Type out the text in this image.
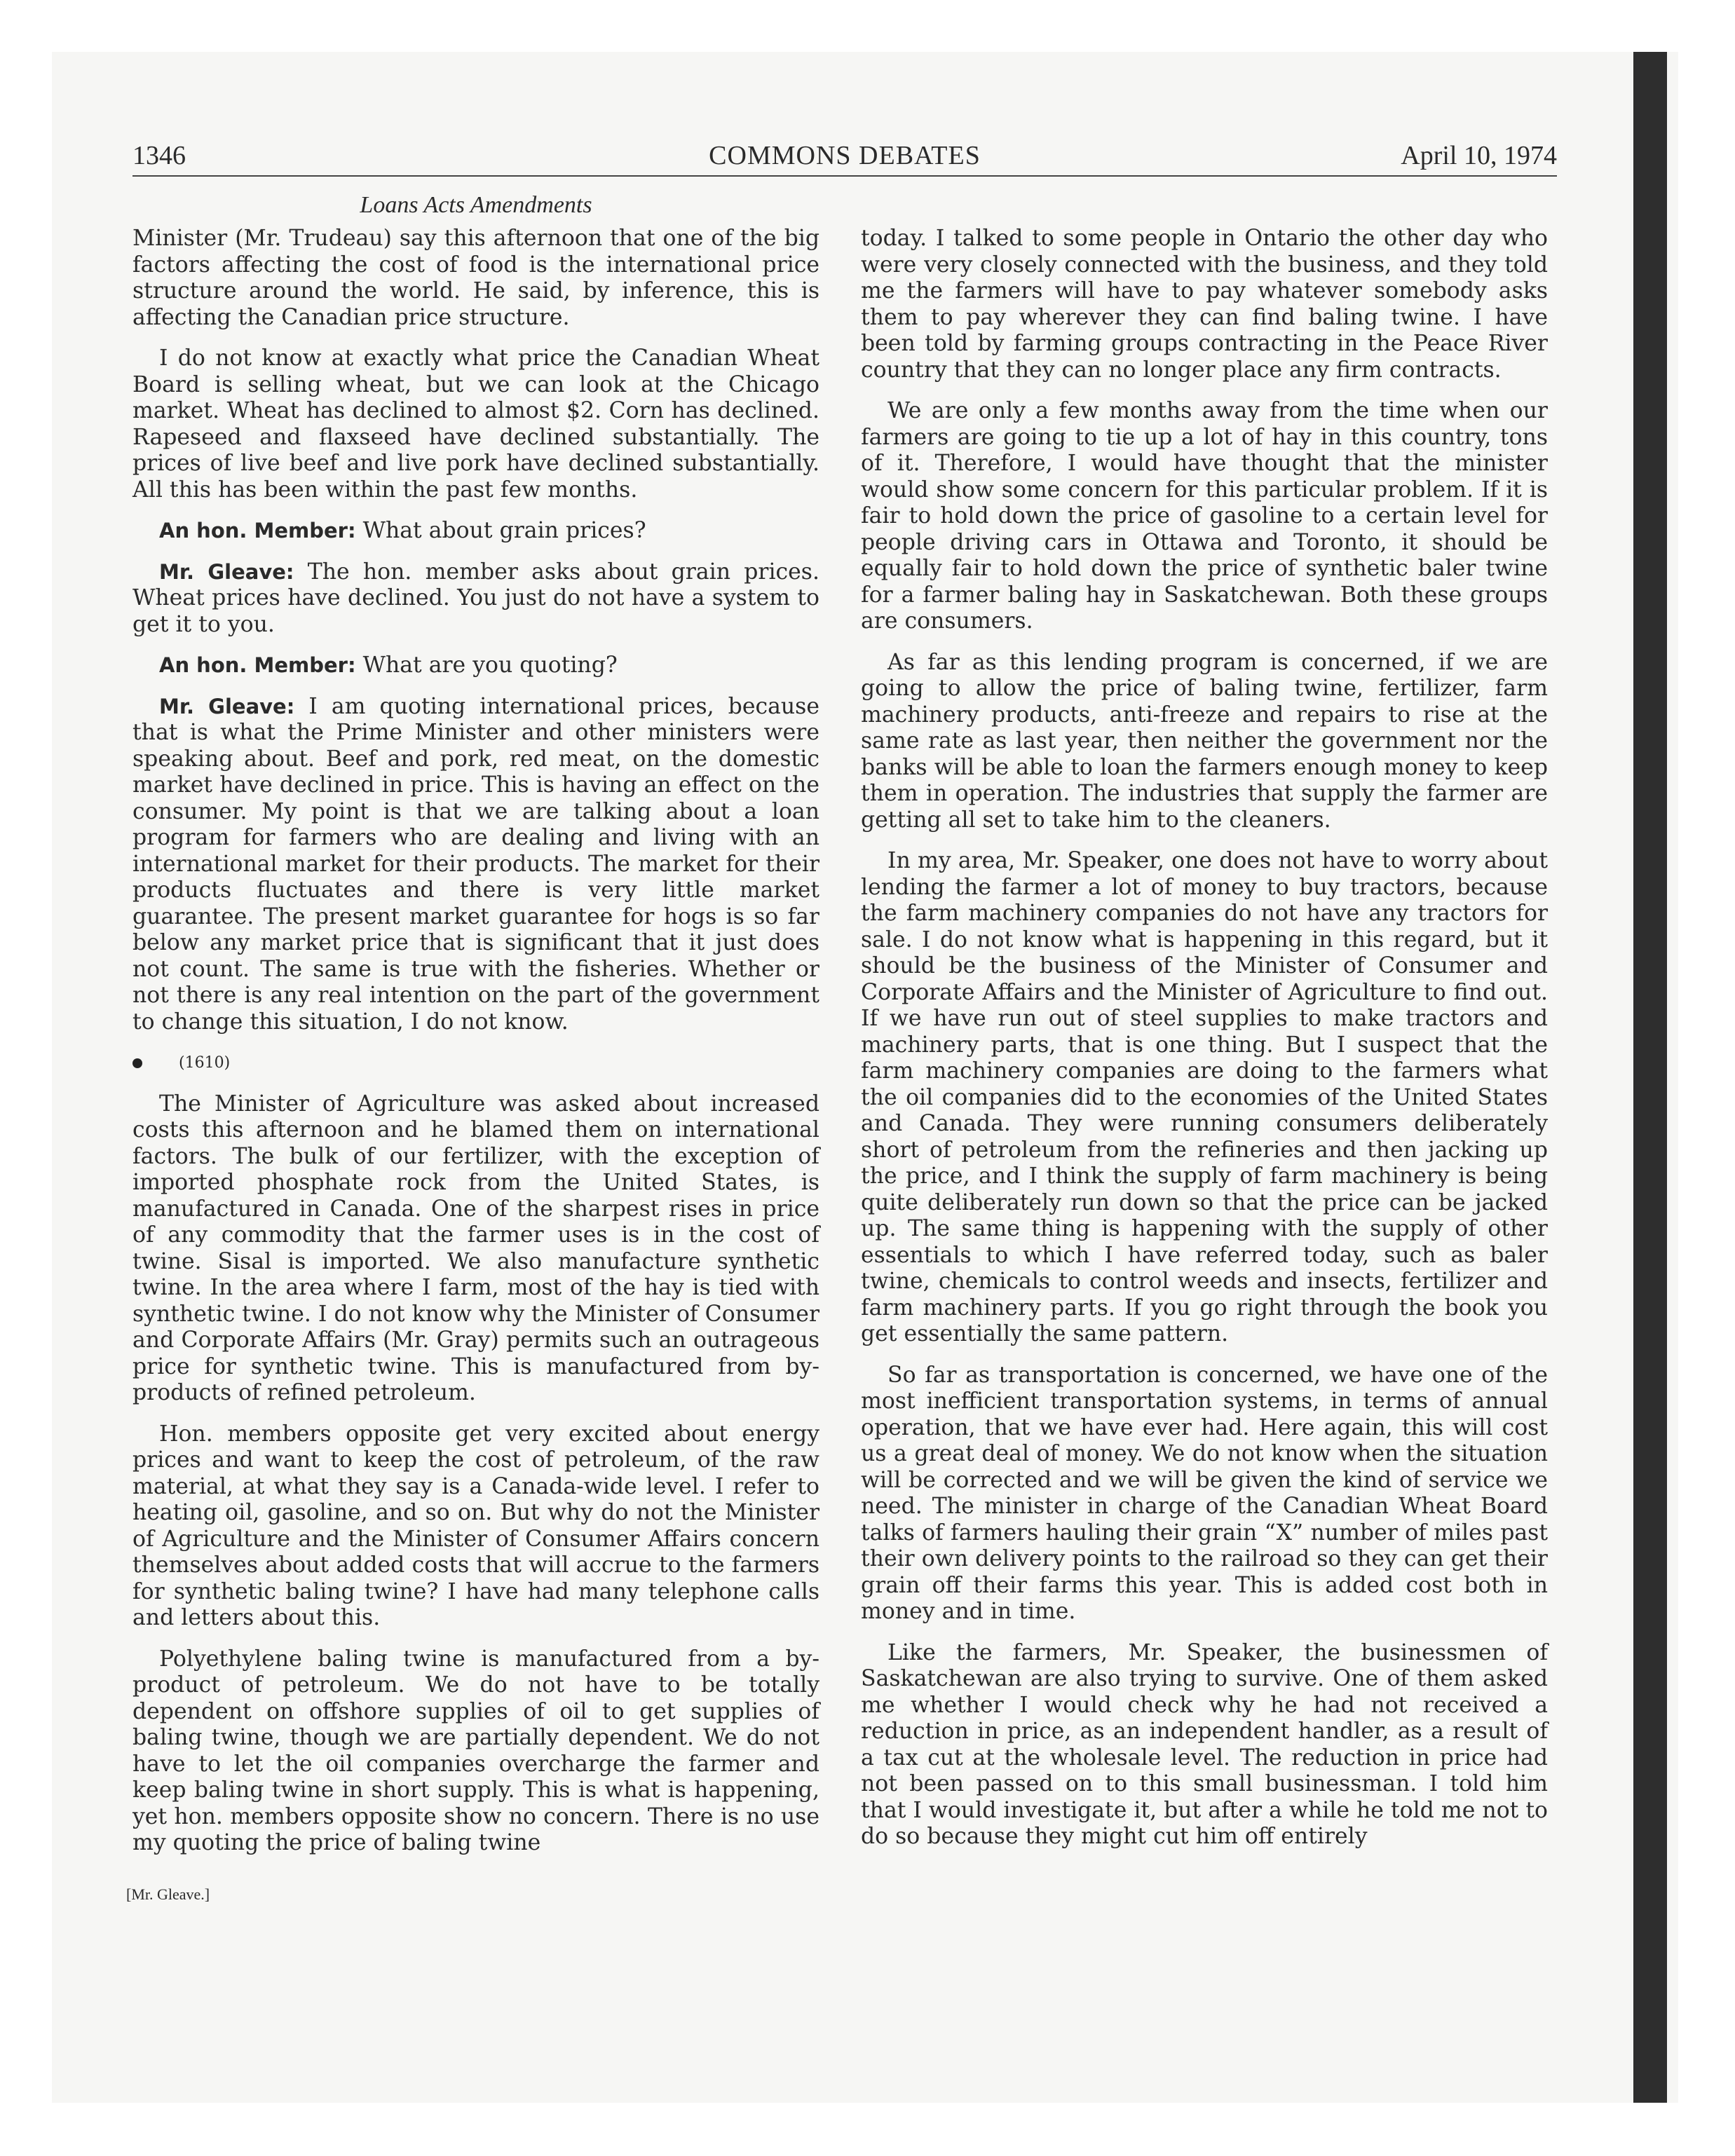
1346	COMMONS DEBATES	April 10, 1974
Loans Acts Amendments

Minister (Mr. Trudeau) say this afternoon that one of the big factors affecting the cost of food is the international price structure around the world. He said, by inference, this is affecting the Canadian price structure.

I do not know at exactly what price the Canadian Wheat Board is selling wheat, but we can look at the Chicago market. Wheat has declined to almost $2. Corn has declined. Rapeseed and flaxseed have declined substantially. The prices of live beef and live pork have declined substantially. All this has been within the past few months.

An hon. Member: What about grain prices?

Mr. Gleave: The hon. member asks about grain prices. Wheat prices have declined. You just do not have a system to get it to you.

An hon. Member: What are you quoting?

Mr. Gleave: I am quoting international prices, because that is what the Prime Minister and other ministers were speaking about. Beef and pork, red meat, on the domestic market have declined in price. This is having an effect on the consumer. My point is that we are talking about a loan program for farmers who are dealing and living with an international market for their products. The market for their products fluctuates and there is very little market guarantee. The present market guarantee for hogs is so far below any market price that is significant that it just does not count. The same is true with the fisheries. Whether or not there is any real intention on the part of the government to change this situation, I do not know.

(1610)

The Minister of Agriculture was asked about increased costs this afternoon and he blamed them on international factors. The bulk of our fertilizer, with the exception of imported phosphate rock from the United States, is manufactured in Canada. One of the sharpest rises in price of any commodity that the farmer uses is in the cost of twine. Sisal is imported. We also manufacture synthetic twine. In the area where I farm, most of the hay is tied with synthetic twine. I do not know why the Minister of Consumer and Corporate Affairs (Mr. Gray) permits such an outrageous price for synthetic twine. This is manufactured from by-products of refined petroleum.

Hon. members opposite get very excited about energy prices and want to keep the cost of petroleum, of the raw material, at what they say is a Canada-wide level. I refer to heating oil, gasoline, and so on. But why do not the Minister of Agriculture and the Minister of Consumer Affairs concern themselves about added costs that will accrue to the farmers for synthetic baling twine? I have had many telephone calls and letters about this.

Polyethylene baling twine is manufactured from a by-product of petroleum. We do not have to be totally dependent on offshore supplies of oil to get supplies of baling twine, though we are partially dependent. We do not have to let the oil companies overcharge the farmer and keep baling twine in short supply. This is what is happening, yet hon. members opposite show no concern. There is no use my quoting the price of baling twine

today. I talked to some people in Ontario the other day who were very closely connected with the business, and they told me the farmers will have to pay whatever somebody asks them to pay wherever they can find baling twine. I have been told by farming groups contracting in the Peace River country that they can no longer place any firm contracts.

We are only a few months away from the time when our farmers are going to tie up a lot of hay in this country, tons of it. Therefore, I would have thought that the minister would show some concern for this particular problem. If it is fair to hold down the price of gasoline to a certain level for people driving cars in Ottawa and Toronto, it should be equally fair to hold down the price of synthetic baler twine for a farmer baling hay in Saskatchewan. Both these groups are consumers.

As far as this lending program is concerned, if we are going to allow the price of baling twine, fertilizer, farm machinery products, anti-freeze and repairs to rise at the same rate as last year, then neither the government nor the banks will be able to loan the farmers enough money to keep them in operation. The industries that supply the farmer are getting all set to take him to the cleaners.

In my area, Mr. Speaker, one does not have to worry about lending the farmer a lot of money to buy tractors, because the farm machinery companies do not have any tractors for sale. I do not know what is happening in this regard, but it should be the business of the Minister of Consumer and Corporate Affairs and the Minister of Agriculture to find out. If we have run out of steel supplies to make tractors and machinery parts, that is one thing. But I suspect that the farm machinery companies are doing to the farmers what the oil companies did to the economies of the United States and Canada. They were running consumers deliberately short of petroleum from the refineries and then jacking up the price, and I think the supply of farm machinery is being quite deliberately run down so that the price can be jacked up. The same thing is happening with the supply of other essentials to which I have referred today, such as baler twine, chemicals to control weeds and insects, fertilizer and farm machinery parts. If you go right through the book you get essentially the same pattern.

So far as transportation is concerned, we have one of the most inefficient transportation systems, in terms of annual operation, that we have ever had. Here again, this will cost us a great deal of money. We do not know when the situation will be corrected and we will be given the kind of service we need. The minister in charge of the Canadian Wheat Board talks of farmers hauling their grain “X” number of miles past their own delivery points to the railroad so they can get their grain off their farms this year. This is added cost both in money and in time.

Like the farmers, Mr. Speaker, the businessmen of Saskatchewan are also trying to survive. One of them asked me whether I would check why he had not received a reduction in price, as an independent handler, as a result of a tax cut at the wholesale level. The reduction in price had not been passed on to this small businessman. I told him that I would investigate it, but after a while he told me not to do so because they might cut him off entirely

[Mr. Gleave.]
